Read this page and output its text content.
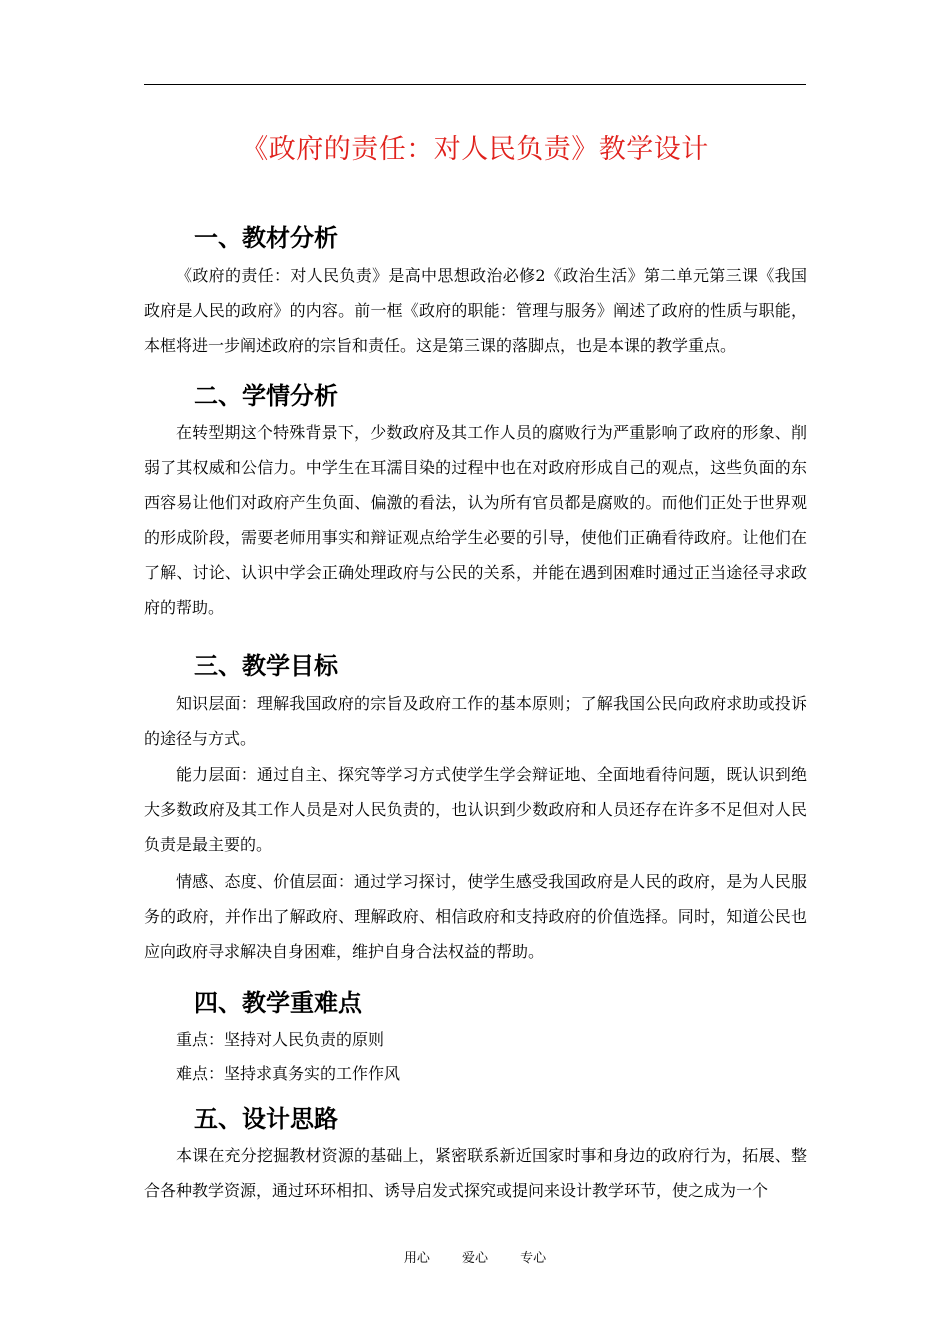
《政府的责任：对人民负责》教学设计
一、教材分析

《政府的责任：对人民负责》是高中思想政治必修2《政治生活》第二单元第三课《我国政府是人民的政府》的内容。前一框《政府的职能：管理与服务》阐述了政府的性质与职能，本框将进一步阐述政府的宗旨和责任。这是第三课的落脚点，也是本课的教学重点。

二、学情分析

在转型期这个特殊背景下，少数政府及其工作人员的腐败行为严重影响了政府的形象、削弱了其权威和公信力。中学生在耳濡目染的过程中也在对政府形成自己的观点，这些负面的东西容易让他们对政府产生负面、偏激的看法，认为所有官员都是腐败的。而他们正处于世界观的形成阶段，需要老师用事实和辩证观点给学生必要的引导，使他们正确看待政府。让他们在了解、讨论、认识中学会正确处理政府与公民的关系，并能在遇到困难时通过正当途径寻求政府的帮助。

三、教学目标

知识层面：理解我国政府的宗旨及政府工作的基本原则；了解我国公民向政府求助或投诉的途径与方式。

能力层面：通过自主、探究等学习方式使学生学会辩证地、全面地看待问题，既认识到绝大多数政府及其工作人员是对人民负责的，也认识到少数政府和人员还存在许多不足但对人民负责是最主要的。

情感、态度、价值层面：通过学习探讨，使学生感受我国政府是人民的政府，是为人民服务的政府，并作出了解政府、理解政府、相信政府和支持政府的价值选择。同时，知道公民也应向政府寻求解决自身困难，维护自身合法权益的帮助。

四、教学重难点

重点：坚持对人民负责的原则

难点：坚持求真务实的工作作风

五、设计思路

本课在充分挖掘教材资源的基础上，紧密联系新近国家时事和身边的政府行为，拓展、整合各种教学资源，通过环环相扣、诱导启发式探究或提问来设计教学环节，使之成为一个

用心 爱心 专心
